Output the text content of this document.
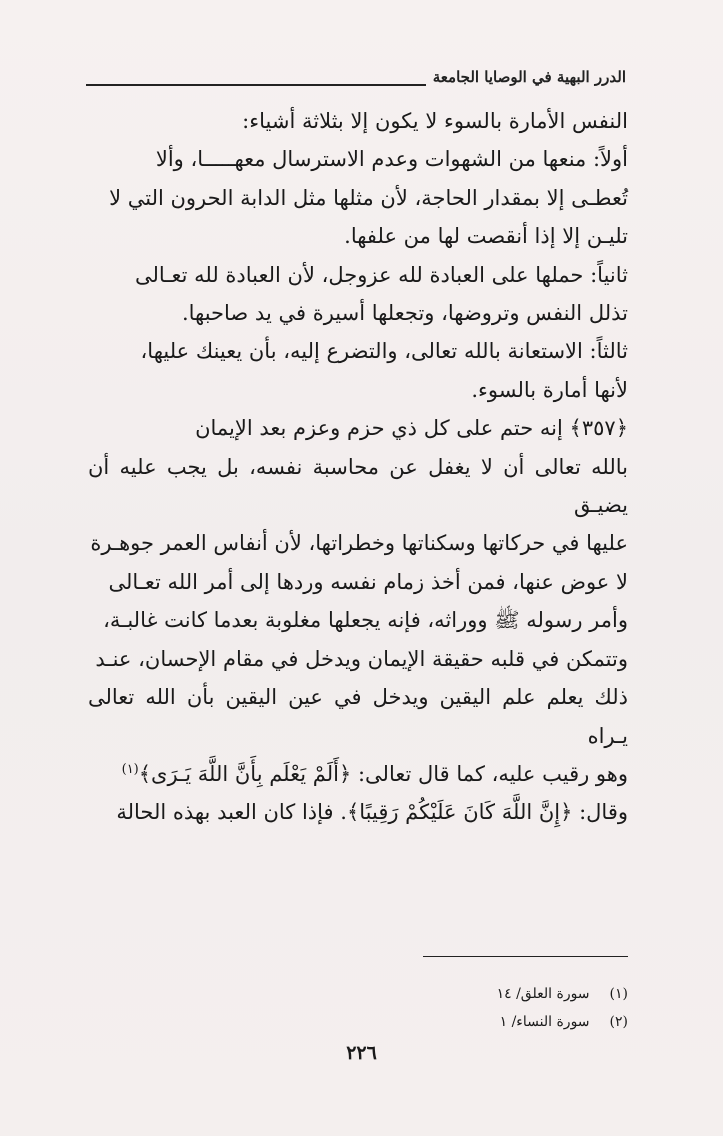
الدرر البهية في الوصايا الجامعة

النفس الأمارة بالسوء لا يكون إلا بثلاثة أشياء:

أولاً: منعها من الشهوات وعدم الاسترسال معهـــــا، وألا

تُعطـى إلا بمقدار الحاجة، لأن مثلها مثل الدابة الحرون التي لا

تليـن إلا إذا أنقصت لها من علفها.

ثانياً: حملها على العبادة لله عزوجل، لأن العبادة لله تعـالى

تذلل النفس وتروضها، وتجعلها أسيرة في يد صاحبها.

ثالثاً: الاستعانة بالله تعالى، والتضرع إليه، بأن يعينك عليها،

لأنها أمارة بالسوء.

﴿٣٥٧﴾ إنه حتم على كل ذي حزم وعزم بعد الإيمان

بالله تعالى أن لا يغفل عن محاسبة نفسه، بل يجب عليه أن يضيـق

عليها في حركاتها وسكناتها وخطراتها، لأن أنفاس العمر جوهـرة

لا عوض عنها، فمن أخذ زمام نفسه وردها إلى أمر الله تعـالى

وأمر رسوله ﷺ ووراثه، فإنه يجعلها مغلوبة بعدما كانت غالبـة،

وتتمكن في قلبه حقيقة الإيمان ويدخل في مقام الإحسان، عنـد

ذلك يعلم علم اليقين ويدخل في عين اليقين بأن الله تعالى يـراه

وهو رقيب عليه، كما قال تعالى: ﴿أَلَمْ يَعْلَم بِأَنَّ اللَّهَ يَـرَى﴾$^{(١)}$

وقال: ﴿إِنَّ اللَّهَ كَانَ عَلَيْكُمْ رَقِيبًا﴾. فإذا كان العبد بهذه الحالة

(١) سورة العلق/ ١٤
(٢) سورة النساء/ ١
٢٢٦
